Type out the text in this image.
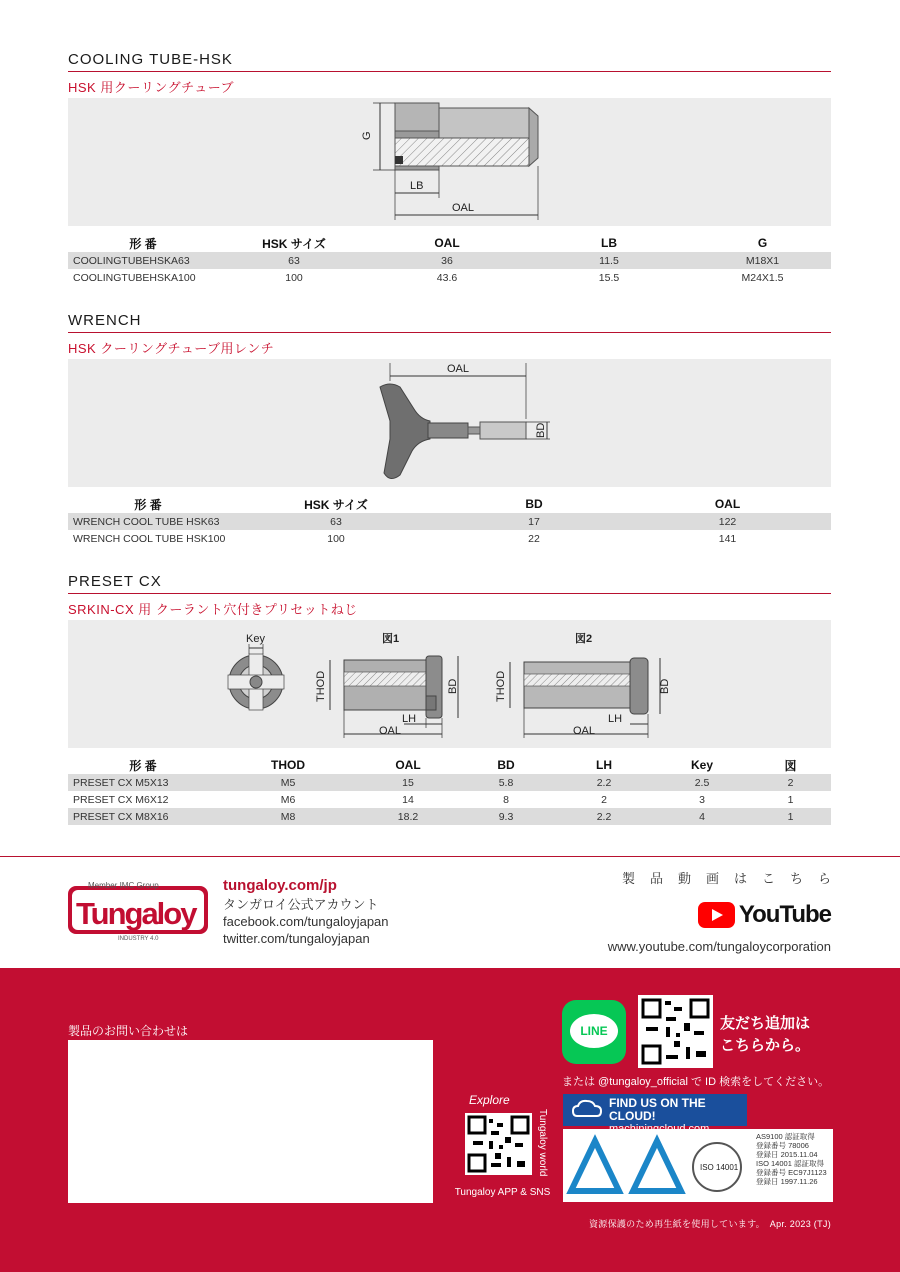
COOLING TUBE-HSK
HSK 用クーリングチューブ
G
LB
OAL
形 番	HSK サイズ	OAL	LB	G
COOLINGTUBEHSKA63	63	36	11.5	M18X1
COOLINGTUBEHSKA100	100	43.6	15.5	M24X1.5
WRENCH
HSK クーリングチューブ用レンチ
OAL
BD
形 番	HSK サイズ	BD	OAL
WRENCH COOL TUBE HSK63	63	17	122
WRENCH COOL TUBE HSK100	100	22	141
PRESET CX
SRKIN-CX 用 クーラント穴付きプリセットねじ
Key	図1
THOD	BD
LH
OAL
図2
THOD	BD
LH
OAL
形 番	THOD	OAL	BD	LH	Key	図
PRESET CX M5X13	M5	15	5.8	2.2	2.5	2
PRESET CX M6X12	M6	14	8	2	3	1
PRESET CX M8X16	M8	18.2	9.3	2.2	4	1
Member IMC Group
Tungaloy
INDUSTRY 4.0
tungaloy.com/jp
タンガロイ公式アカウント
facebook.com/tungaloyjapan
twitter.com/tungaloyjapan
製品動画はこちら
YouTube
www.youtube.com/tungaloycorporation
製品のお問い合わせは
Explore
Tungaloy world
Tungaloy APP & SNS
LINE	友だち追加は
こちらから。
または @tungaloy_official で ID 検索をしてください。
FIND US ON THE CLOUD!
ISO 14001
AS9100 認証取得
登録番号 78006
登録日 2015.11.04
ISO 14001 認証取得
登録番号 EC97J1123
登録日 1997.11.26
資源保護のため再生紙を使用しています。　Apr. 2023 (TJ)
